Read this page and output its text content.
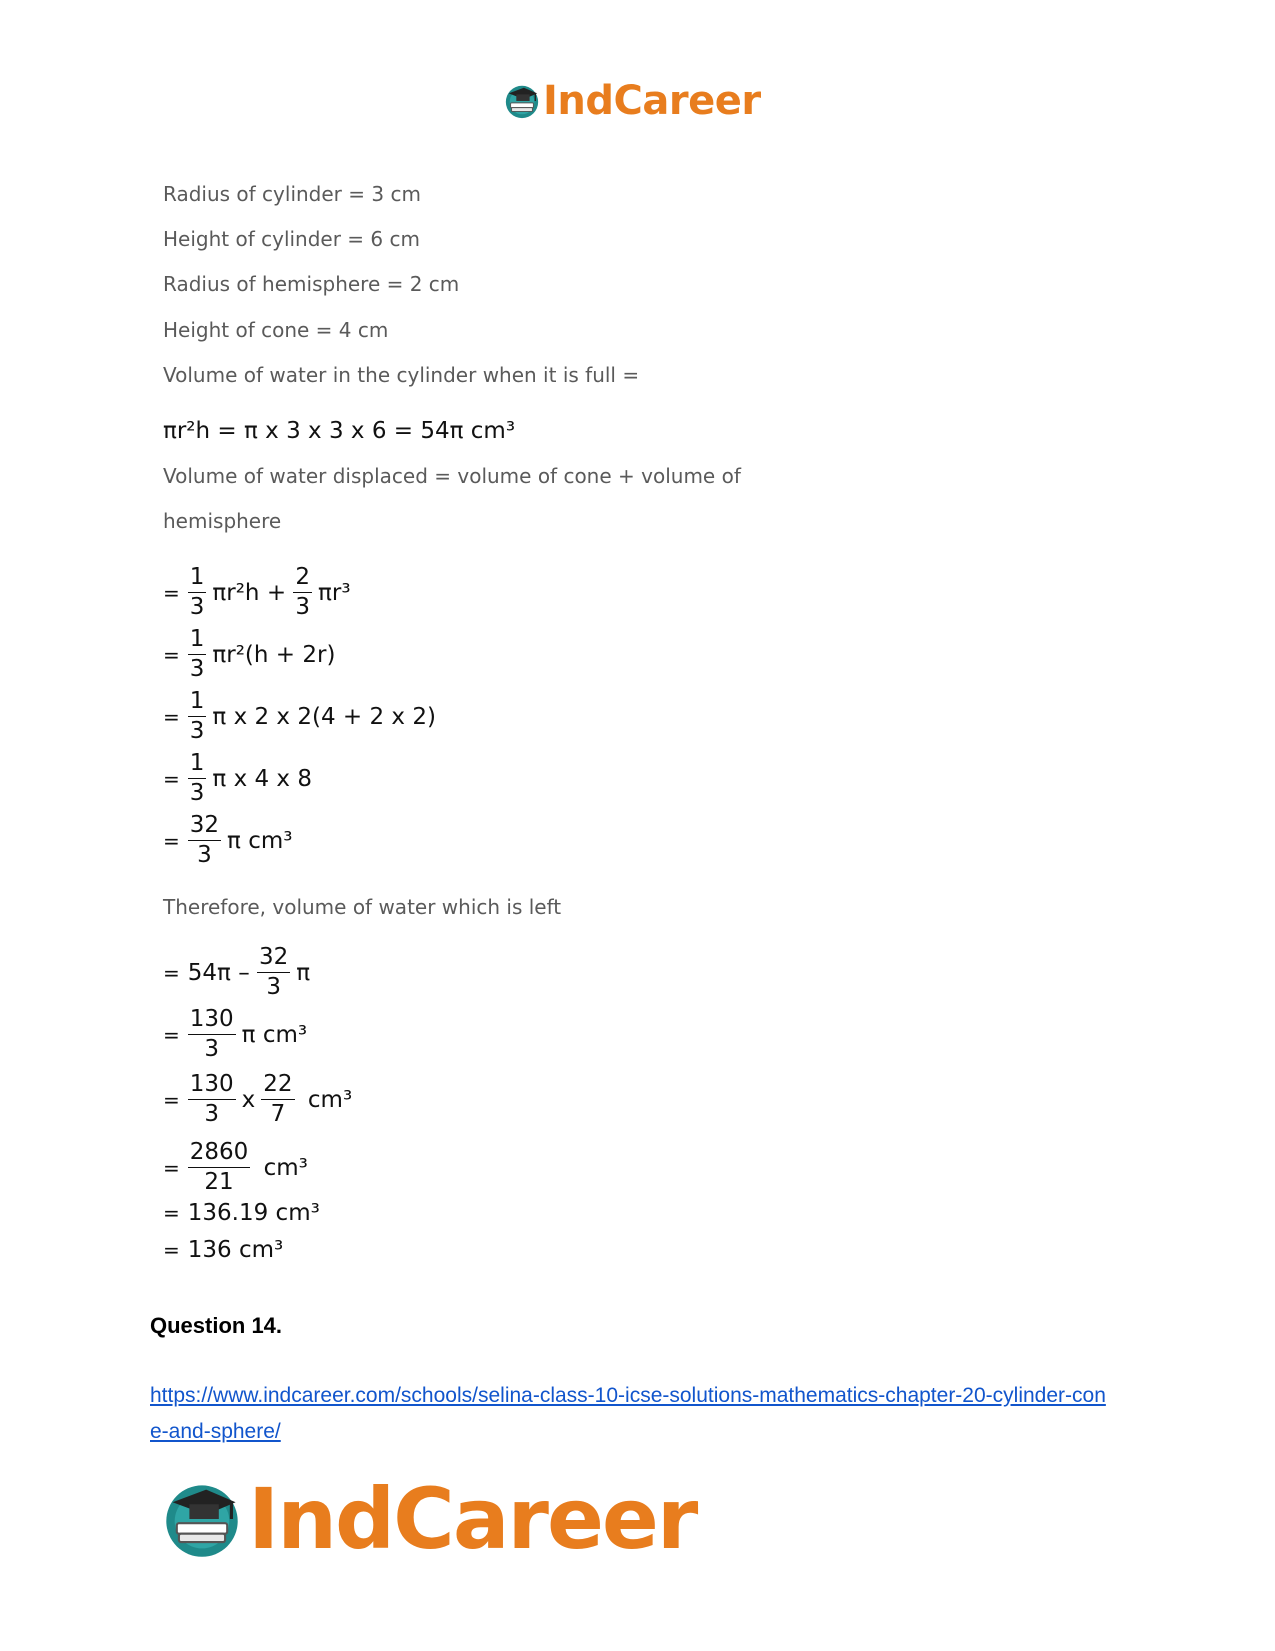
IndCareer
Radius of cylinder = 3 cm
Height of cylinder = 6 cm
Radius of hemisphere = 2 cm
Height of cone = 4 cm
Volume of water in the cylinder when it is full =
πr²h
= π x 3 x 3 x 6 = 54π cm³
Volume of water displaced = volume of cone + volume of
hemisphere
= $\frac{1}{3} \pi r^2h$ +
$\frac{2}{3} \pi r^3$
= $\frac{1}{3} \pi r^2(h + 2r)$
= $\frac{1}{3}$ π x 2 x 2(4 + 2 x 2)
= $\frac{1}{3}$ π x 4 x 8
= $\frac{32}{3}$ π cm³
Therefore, volume of water which is left
= 54π –
$\frac{32}{3}$ π
= $\frac{130}{3}$ π cm³
= $\frac{130}{3}$ x $\frac{22}{7}$
cm³
= $\frac{2860}{21}$
cm³
= 136.19 cm³
= 136 cm³
Question 14.
https://www.indcareer.com/schools/selina-class-10-icse-solutions-mathematics-chapter-20-cylinder-cone-and-sphere/
IndCareer
